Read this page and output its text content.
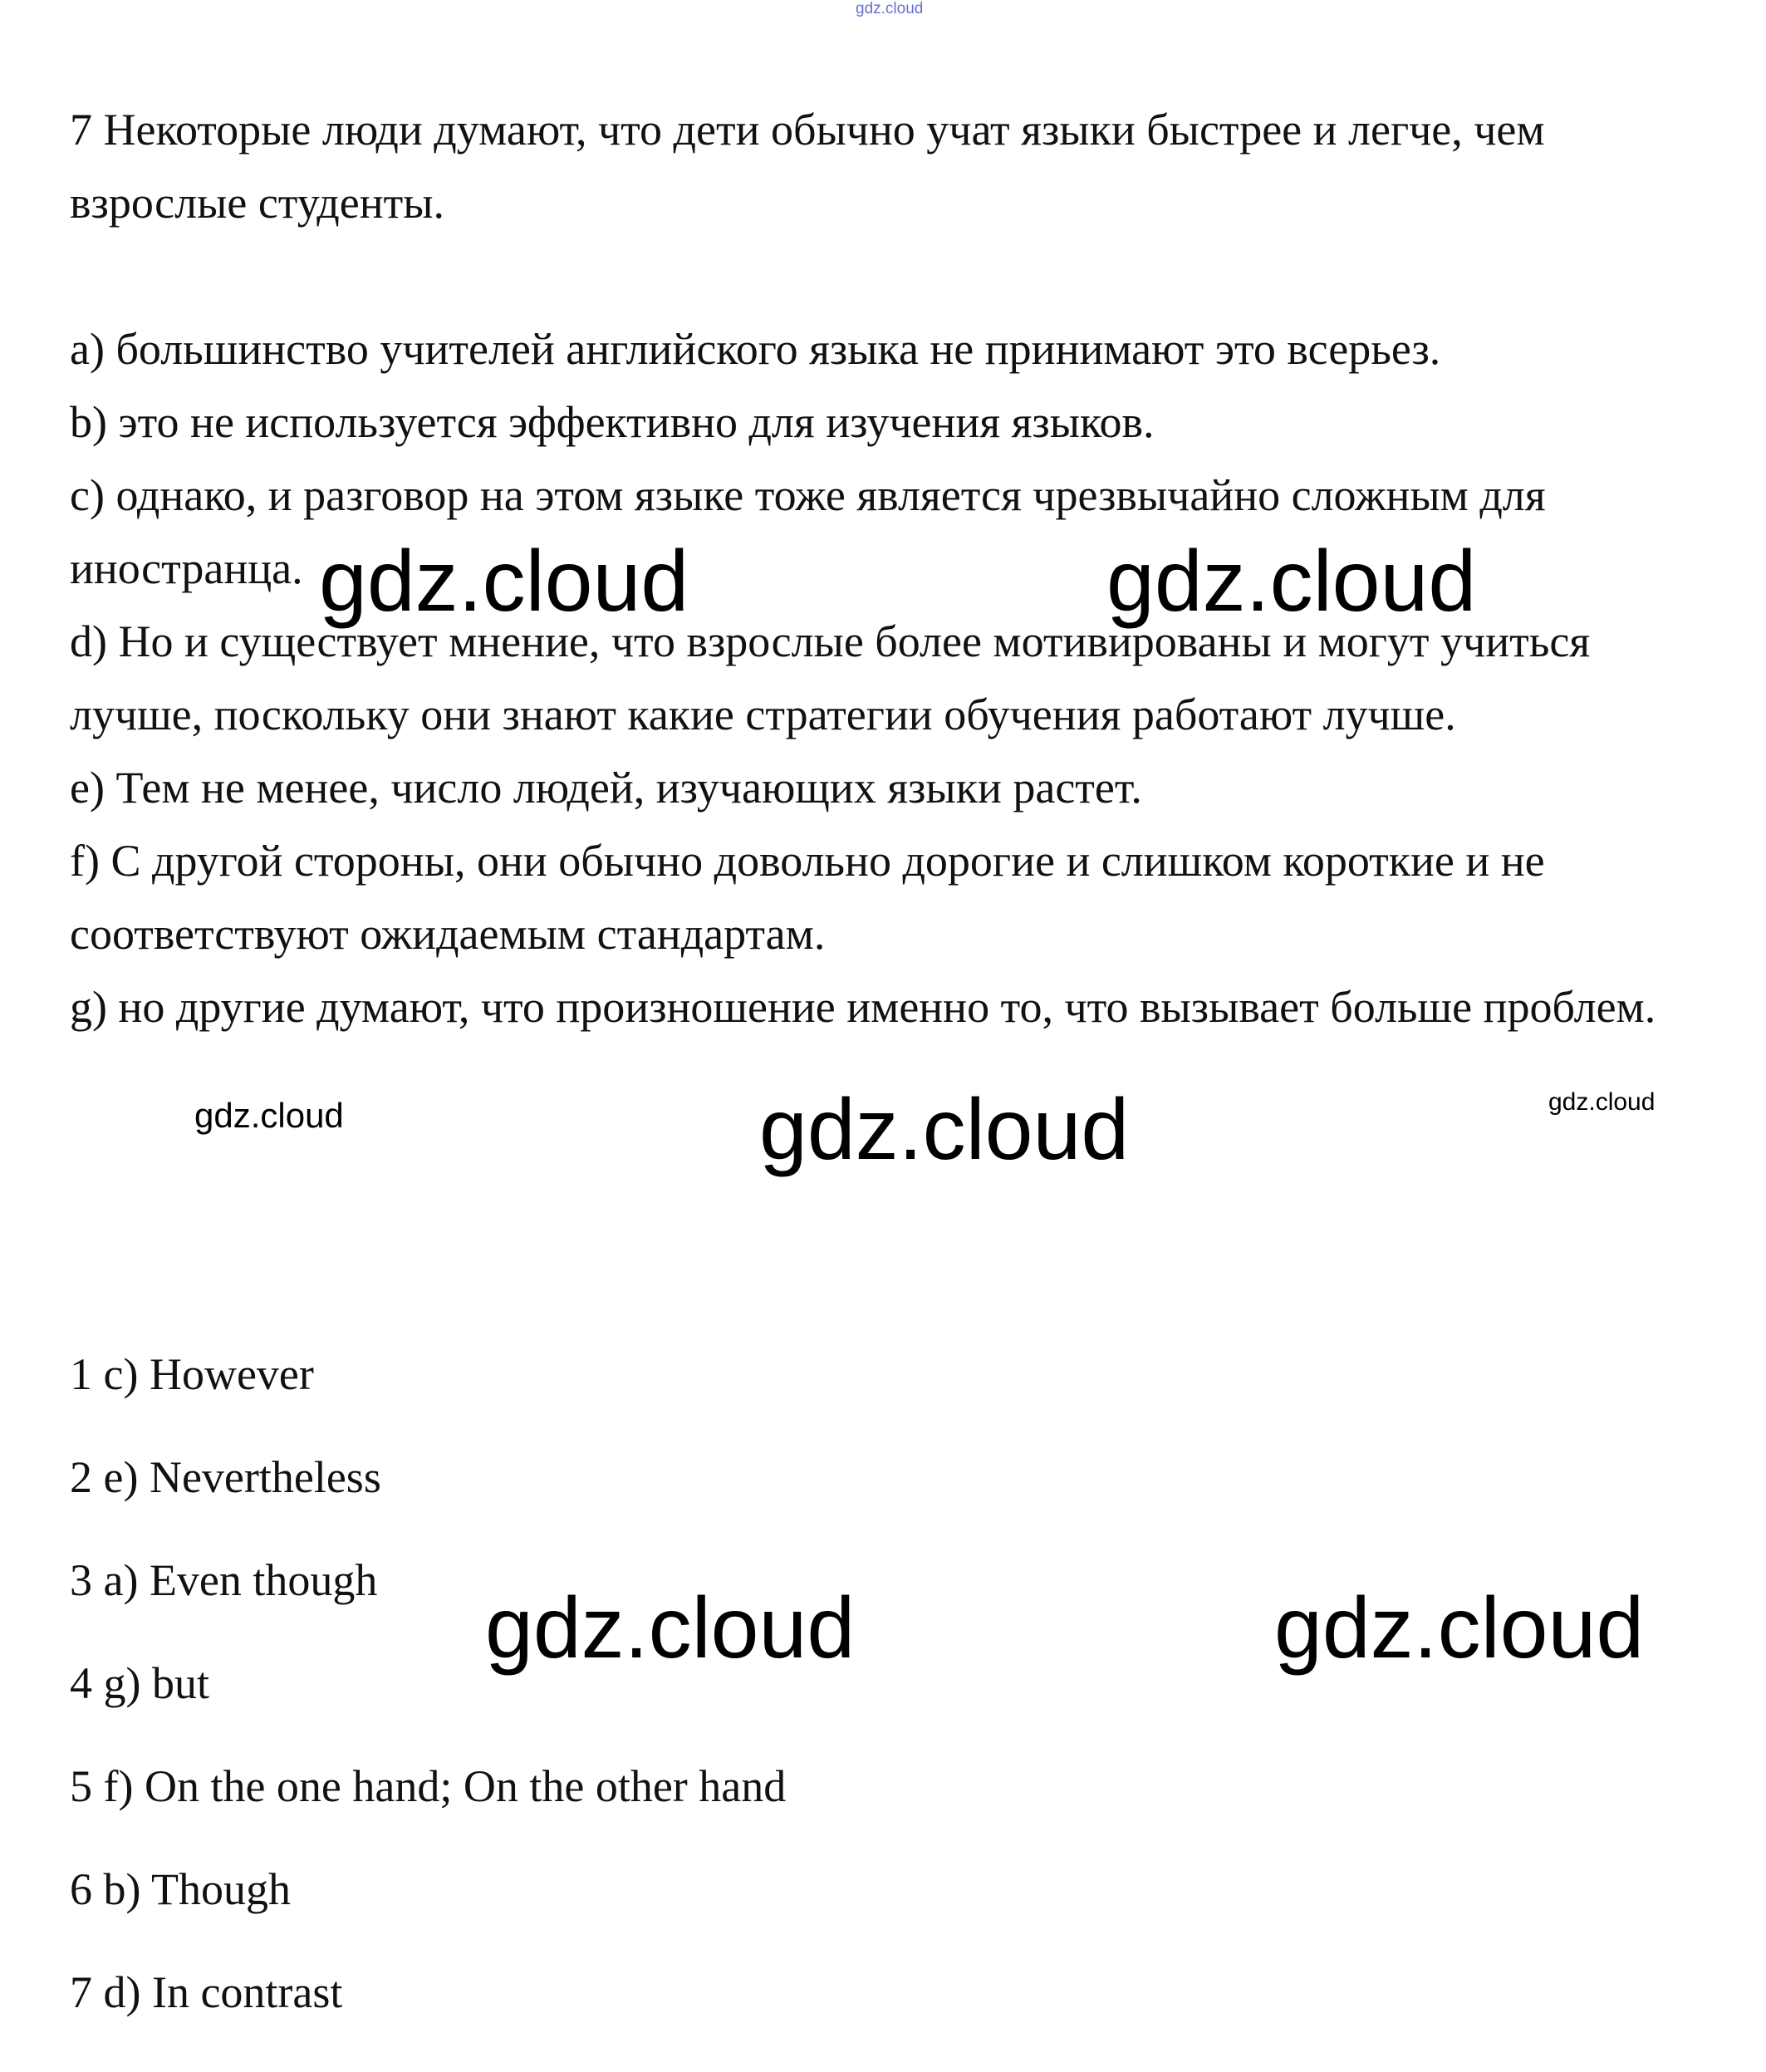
gdz.cloud

7 Некоторые люди думают, что дети обычно учат языки быстрее и легче, чем взрослые студенты.

a) большинство учителей английского языка не принимают это всерьез.

b) это не используется эффективно для изучения языков.

c) однако, и разговор на этом языке тоже является чрезвычайно сложным для иностранца.

d) Но и существует мнение, что взрослые более мотивированы и могут учиться лучше, поскольку они знают какие стратегии обучения работают лучше.

e) Тем не менее, число людей, изучающих языки растет.

f) С другой стороны, они обычно довольно дорогие и слишком короткие и не соответствуют ожидаемым стандартам.

g) но другие думают, что произношение именно то, что вызывает больше проблем.

1 c) However

2 e) Nevertheless

3 a) Even though

4 g) but

5 f) On the one hand; On the other hand

6 b) Though

7 d) In contrast

gdz.cloud	gdz.cloud
gdz.cloud	gdz.cloud	gdz.cloud
gdz.cloud	gdz.cloud
